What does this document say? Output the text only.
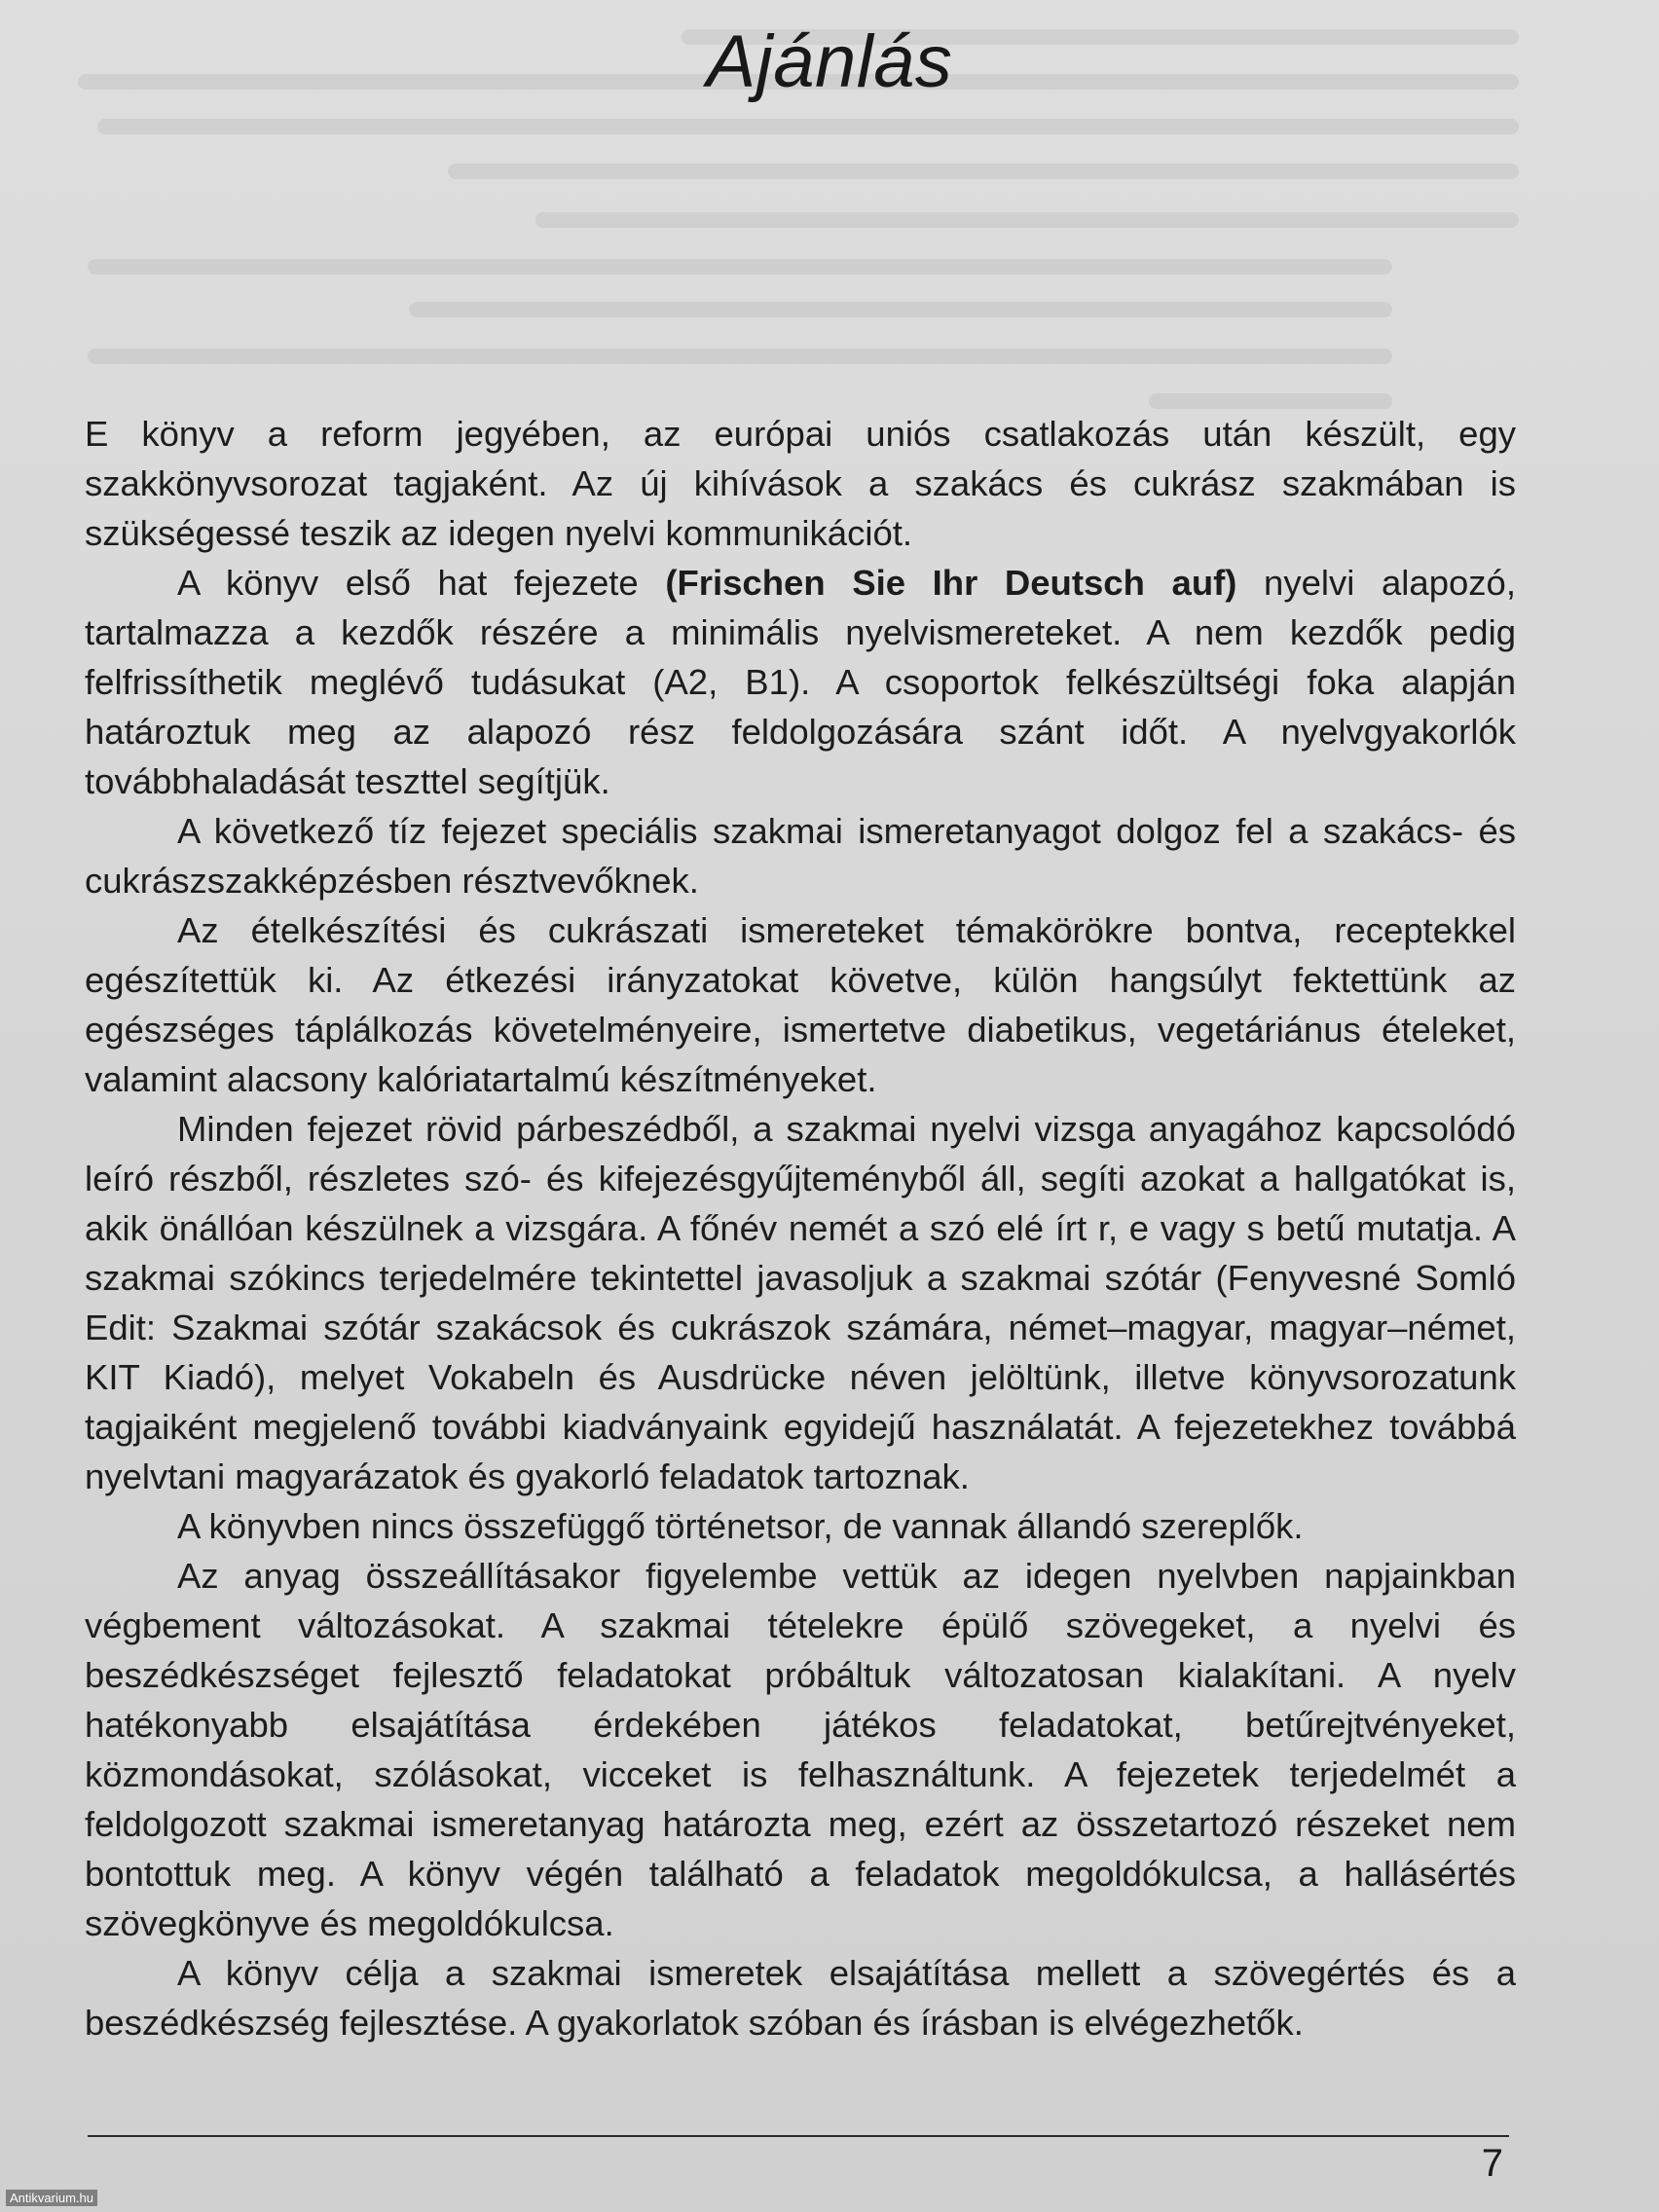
Ajánlás

E könyv a reform jegyében, az európai uniós csatlakozás után készült, egy szakkönyvsorozat tagjaként. Az új kihívások a szakács és cukrász szakmában is szükségessé teszik az idegen nyelvi kommunikációt.

A könyv első hat fejezete (Frischen Sie Ihr Deutsch auf) nyelvi alapozó, tartalmazza a kezdők részére a minimális nyelvismereteket. A nem kezdők pedig felfrissíthetik meglévő tudásukat (A2, B1). A csoportok felkészültségi foka alapján határoztuk meg az alapozó rész feldolgozására szánt időt. A nyelvgyakorlók továbbhaladását teszttel segítjük.

A következő tíz fejezet speciális szakmai ismeretanyagot dolgoz fel a szakács- és cukrászszakképzésben résztvevőknek.

Az ételkészítési és cukrászati ismereteket témakörökre bontva, receptekkel egészítettük ki. Az étkezési irányzatokat követve, külön hangsúlyt fektettünk az egészséges táplálkozás követelményeire, ismertetve diabetikus, vegetáriánus ételeket, valamint alacsony kalóriatartalmú készítményeket.

Minden fejezet rövid párbeszédből, a szakmai nyelvi vizsga anyagához kapcsolódó leíró részből, részletes szó- és kifejezésgyűjteményből áll, segíti azokat a hallgatókat is, akik önállóan készülnek a vizsgára. A főnév nemét a szó elé írt r, e vagy s betű mutatja. A szakmai szókincs terjedelmére tekintettel javasoljuk a szakmai szótár (Fenyvesné Somló Edit: Szakmai szótár szakácsok és cukrászok számára, német–magyar, magyar–német, KIT Kiadó), melyet Vokabeln és Ausdrücke néven jelöltünk, illetve könyvsorozatunk tagjaiként megjelenő további kiadványaink egyidejű használatát. A fejezetekhez továbbá nyelvtani magyarázatok és gyakorló feladatok tartoznak.

A könyvben nincs összefüggő történetsor, de vannak állandó szereplők.

Az anyag összeállításakor figyelembe vettük az idegen nyelvben napjainkban végbement változásokat. A szakmai tételekre épülő szövegeket, a nyelvi és beszédkészséget fejlesztő feladatokat próbáltuk változatosan kialakítani. A nyelv hatékonyabb elsajátítása érdekében játékos feladatokat, betűrejtvényeket, közmondásokat, szólásokat, vicceket is felhasználtunk. A fejezetek terjedelmét a feldolgozott szakmai ismeretanyag határozta meg, ezért az összetartozó részeket nem bontottuk meg. A könyv végén található a feladatok megoldókulcsa, a hallásértés szövegkönyve és megoldókulcsa.

A könyv célja a szakmai ismeretek elsajátítása mellett a szövegértés és a beszédkészség fejlesztése. A gyakorlatok szóban és írásban is elvégezhetők.

7
Antikvarium.hu
